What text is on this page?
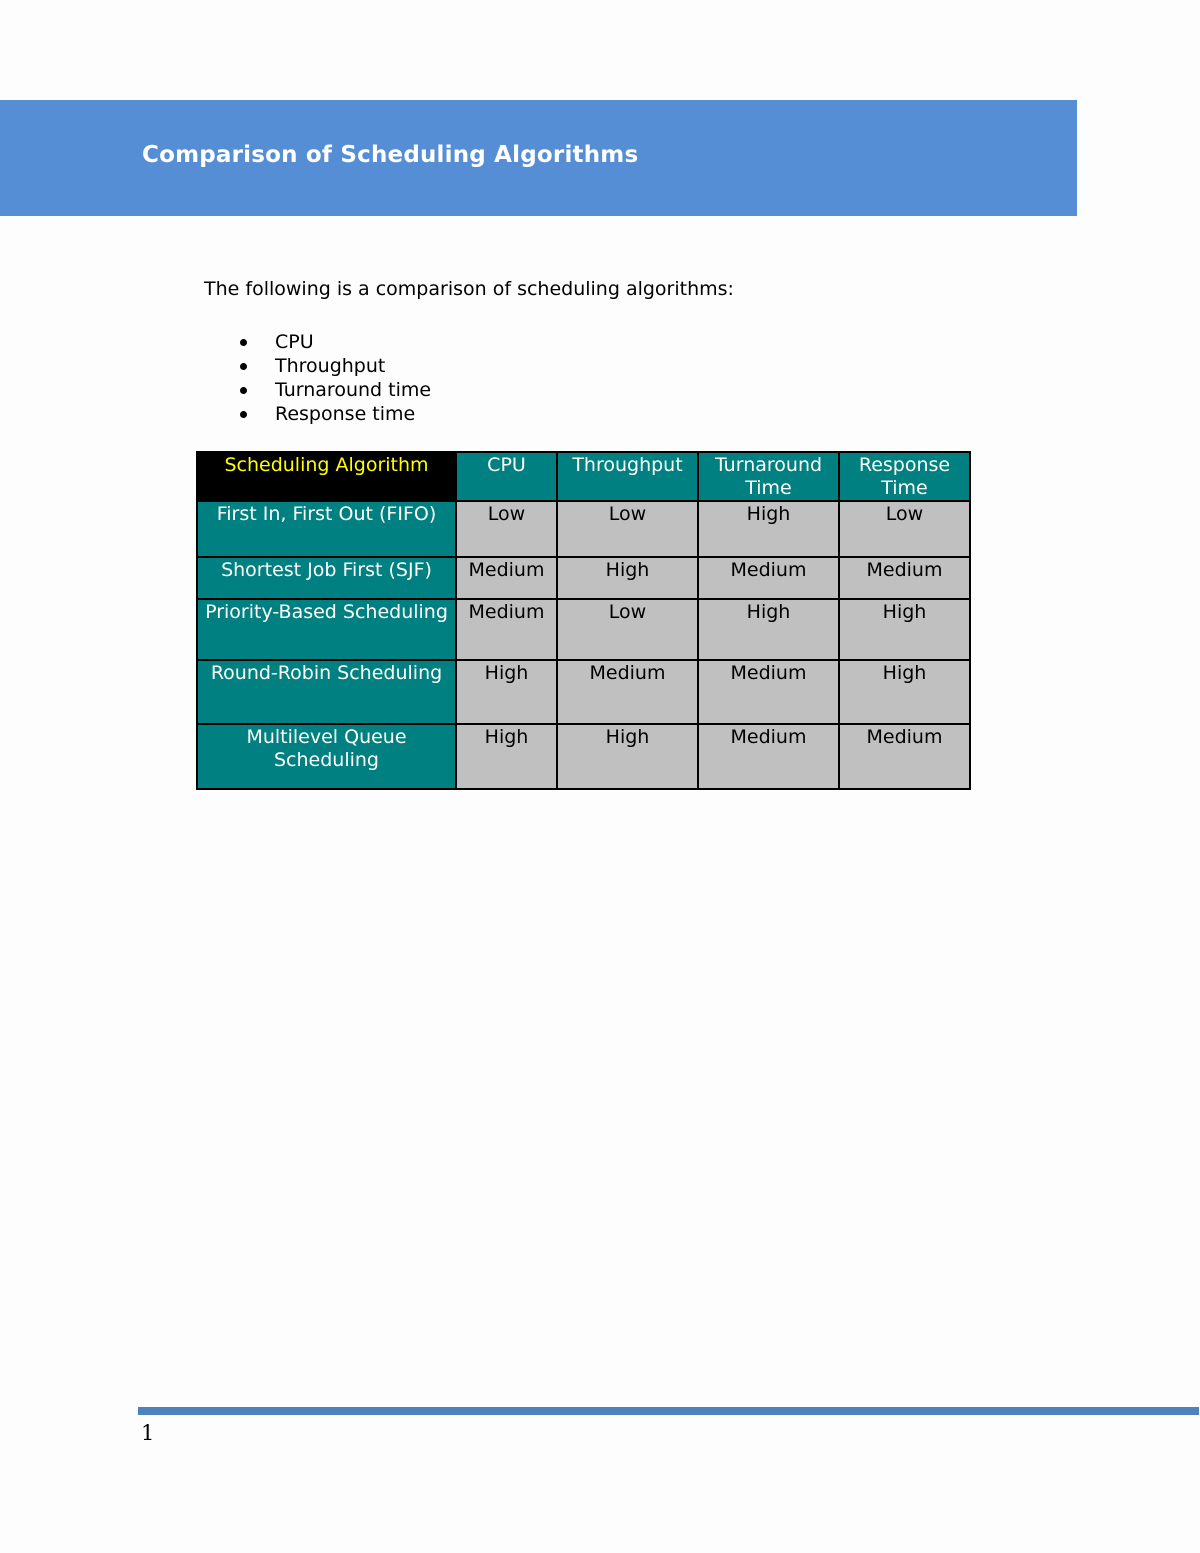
Comparison of Scheduling Algorithms

The following is a comparison of scheduling algorithms:

CPU
Throughput
Turnaround time
Response time
Scheduling Algorithm	CPU	Throughput	Turnaround Time	Response Time
First In, First Out (FIFO)	Low	Low	High	Low
Shortest Job First (SJF)	Medium	High	Medium	Medium
Priority-Based Scheduling	Medium	Low	High	High
Round-Robin Scheduling	High	Medium	Medium	High
Multilevel Queue Scheduling	High	High	Medium	Medium

1
